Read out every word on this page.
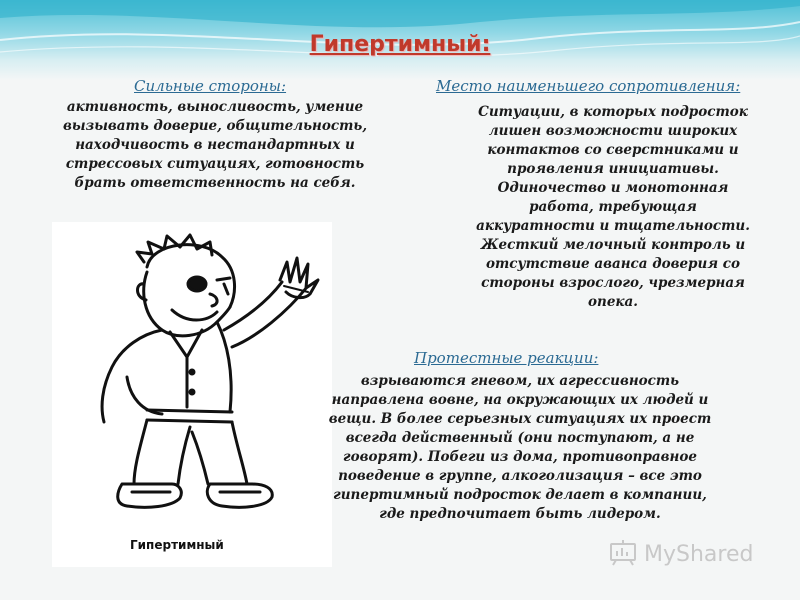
Гипертимный:
Сильные стороны:
активность, выносливость, умение
вызывать доверие, общительность,
находчивость в нестандартных и
стрессовых ситуациях, готовность
брать ответственность на себя.
Место наименьшего сопротивления:
Ситуации, в которых подросток
лишен возможности широких
контактов со сверстниками и
проявления инициативы.
Одиночество и монотонная
работа, требующая
аккуратности и тщательности.
Жесткий мелочный контроль и
отсутствие аванса доверия со
стороны взрослого, чрезмерная
опека.
Гипертимный
Протестные реакции:
взрываются гневом, их агрессивность
направлена вовне, на окружающих их людей и
вещи. В более серьезных ситуациях их проест
всегда действенный (они поступают, а не
говорят). Побеги из дома, противоправное
поведение в группе, алкоголизация – все это
гипертимный подросток делает в компании,
где предпочитает быть лидером.
MyShared
